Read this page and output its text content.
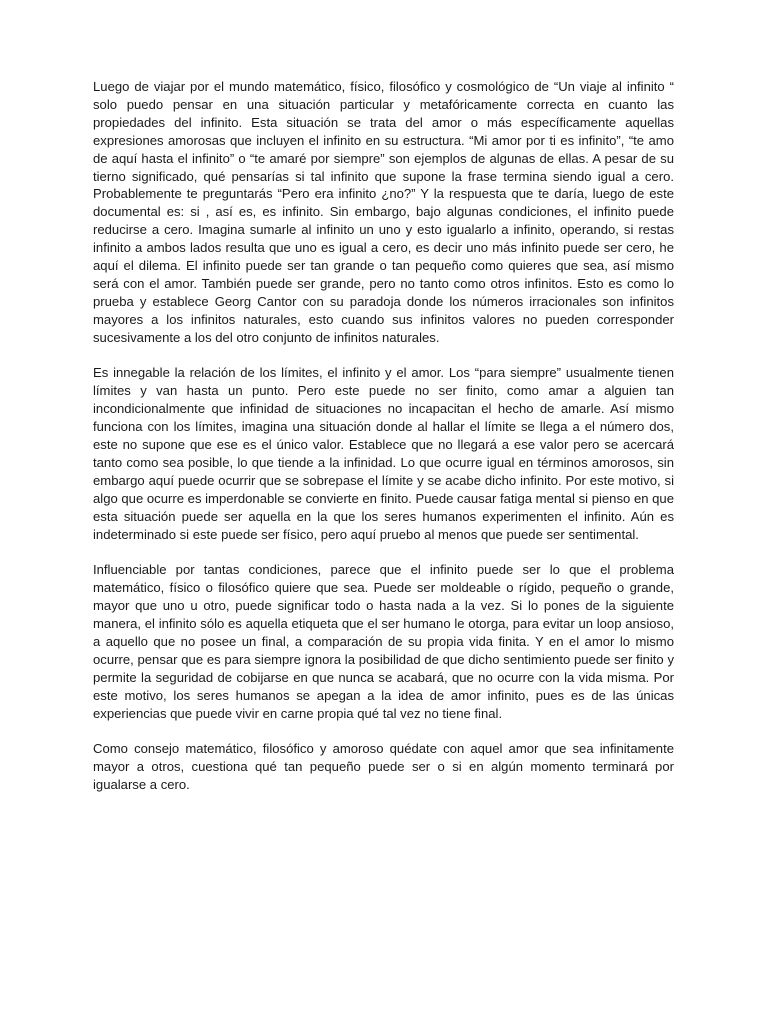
Luego de viajar por el mundo matemático, físico, filosófico y cosmológico de “Un viaje al infinito “ solo puedo pensar en una situación particular y metafóricamente correcta en cuanto las propiedades del infinito. Esta situación se trata del amor o más específicamente aquellas expresiones amorosas que incluyen el infinito en su estructura. “Mi amor por ti es infinito”, “te amo de aquí hasta el infinito” o “te amaré por siempre” son ejemplos de algunas de ellas. A pesar de su tierno significado, qué pensarías si tal infinito que supone la frase termina siendo igual a cero. Probablemente te preguntarás “Pero era infinito ¿no?” Y la respuesta que te daría, luego de este documental es: si , así es, es infinito. Sin embargo, bajo algunas condiciones, el infinito puede reducirse a cero. Imagina sumarle al infinito un uno y esto igualarlo a infinito, operando, si restas infinito a ambos lados resulta que uno es igual a cero, es decir uno más infinito puede ser cero, he aquí el dilema. El infinito puede ser tan grande o tan pequeño como quieres que sea, así mismo será con el amor. También puede ser grande, pero no tanto como otros infinitos. Esto es como lo prueba y establece Georg Cantor con su paradoja donde los números irracionales son infinitos mayores a los infinitos naturales, esto cuando sus infinitos valores no pueden corresponder sucesivamente a los del otro conjunto de infinitos naturales.

Es innegable la relación de los límites, el infinito y el amor. Los “para siempre” usualmente tienen límites y van hasta un punto. Pero este puede no ser finito, como amar a alguien tan incondicionalmente que infinidad de situaciones no incapacitan el hecho de amarle. Así mismo funciona con los límites, imagina una situación donde al hallar el límite se llega a el número dos, este no supone que ese es el único valor. Establece que no llegará a ese valor pero se acercará tanto como sea posible, lo que tiende a la infinidad. Lo que ocurre igual en términos amorosos, sin embargo aquí puede ocurrir que se sobrepase el límite y se acabe dicho infinito. Por este motivo, si algo que ocurre es imperdonable se convierte en finito. Puede causar fatiga mental si pienso en que esta situación puede ser aquella en la que los seres humanos experimenten el infinito. Aún es indeterminado si este puede ser físico, pero aquí pruebo al menos que puede ser sentimental.

Influenciable por tantas condiciones, parece que el infinito puede ser lo que el problema matemático, físico o filosófico quiere que sea. Puede ser moldeable o rígido, pequeño o grande, mayor que uno u otro, puede significar todo o hasta nada a la vez. Si lo pones de la siguiente manera, el infinito sólo es aquella etiqueta que el ser humano le otorga, para evitar un loop ansioso, a aquello que no posee un final, a comparación de su propia vida finita. Y en el amor lo mismo ocurre, pensar que es para siempre ignora la posibilidad de que dicho sentimiento puede ser finito y permite la seguridad de cobijarse en que nunca se acabará, que no ocurre con la vida misma. Por este motivo, los seres humanos se apegan a la idea de amor infinito, pues es de las únicas experiencias que puede vivir en carne propia qué tal vez no tiene final.

Como consejo matemático, filosófico y amoroso quédate con aquel amor que sea infinitamente mayor a otros, cuestiona qué tan pequeño puede ser o si en algún momento terminará por igualarse a cero.
